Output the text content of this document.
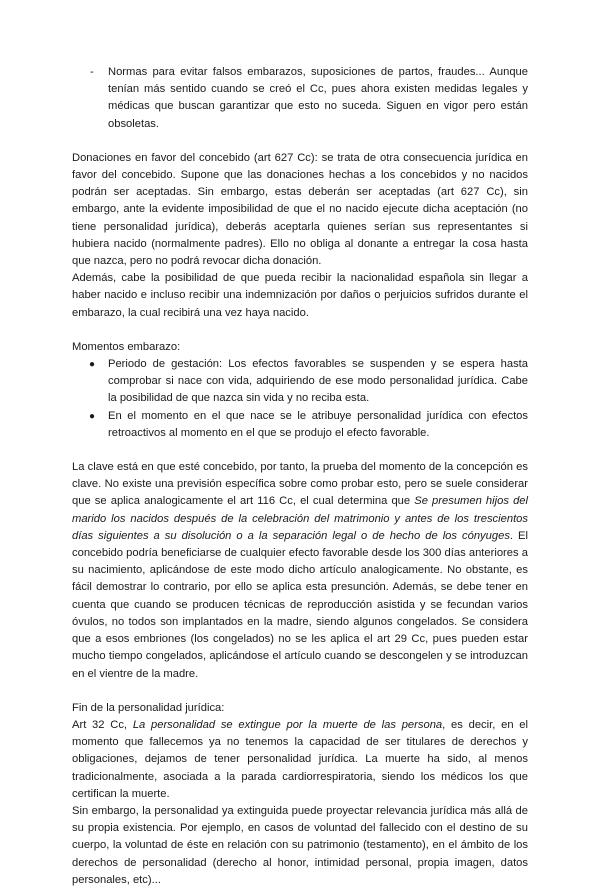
- Normas para evitar falsos embarazos, suposiciones de partos, fraudes... Aunque tenían más sentido cuando se creó el Cc, pues ahora existen medidas legales y médicas que buscan garantizar que esto no suceda. Siguen en vigor pero están obsoletas.

Donaciones en favor del concebido (art 627 Cc): se trata de otra consecuencia jurídica en favor del concebido. Supone que las donaciones hechas a los concebidos y no nacidos podrán ser aceptadas. Sin embargo, estas deberán ser aceptadas (art 627 Cc), sin embargo, ante la evidente imposibilidad de que el no nacido ejecute dicha aceptación (no tiene personalidad jurídica), deberás aceptarla quienes serían sus representantes si hubiera nacido (normalmente padres). Ello no obliga al donante a entregar la cosa hasta que nazca, pero no podrá revocar dicha donación.

Además, cabe la posibilidad de que pueda recibir la nacionalidad española sin llegar a haber nacido e incluso recibir una indemnización por daños o perjuicios sufridos durante el embarazo, la cual recibirá una vez haya nacido.

Momentos embarazo:

● Periodo de gestación: Los efectos favorables se suspenden y se espera hasta comprobar si nace con vida, adquiriendo de ese modo personalidad jurídica. Cabe la posibilidad de que nazca sin vida y no reciba esta.
● En el momento en el que nace se le atribuye personalidad jurídica con efectos retroactivos al momento en el que se produjo el efecto favorable.

La clave está en que esté concebido, por tanto, la prueba del momento de la concepción es clave. No existe una previsión específica sobre como probar esto, pero se suele considerar que se aplica analogicamente el art 116 Cc, el cual determina que Se presumen hijos del marido los nacidos después de la celebración del matrimonio y antes de los trescientos días siguientes a su disolución o a la separación legal o de hecho de los cónyuges. El concebido podría beneficiarse de cualquier efecto favorable desde los 300 días anteriores a su nacimiento, aplicándose de este modo dicho artículo analogicamente. No obstante, es fácil demostrar lo contrario, por ello se aplica esta presunción. Además, se debe tener en cuenta que cuando se producen técnicas de reproducción asistida y se fecundan varios óvulos, no todos son implantados en la madre, siendo algunos congelados. Se considera que a esos embriones (los congelados) no se les aplica el art 29 Cc, pues pueden estar mucho tiempo congelados, aplicándose el artículo cuando se descongelen y se introduzcan en el vientre de la madre.

Fin de la personalidad jurídica:

Art 32 Cc, La personalidad se extingue por la muerte de las persona, es decir, en el momento que fallecemos ya no tenemos la capacidad de ser titulares de derechos y obligaciones, dejamos de tener personalidad jurídica. La muerte ha sido, al menos tradicionalmente, asociada a la parada cardiorrespiratoria, siendo los médicos los que certifican la muerte.

Sin embargo, la personalidad ya extinguida puede proyectar relevancia jurídica más allá de su propia existencia. Por ejemplo, en casos de voluntad del fallecido con el destino de su cuerpo, la voluntad de éste en relación con su patrimonio (testamento), en el ámbito de los derechos de personalidad (derecho al honor, intimidad personal, propia imagen, datos personales, etc)...
